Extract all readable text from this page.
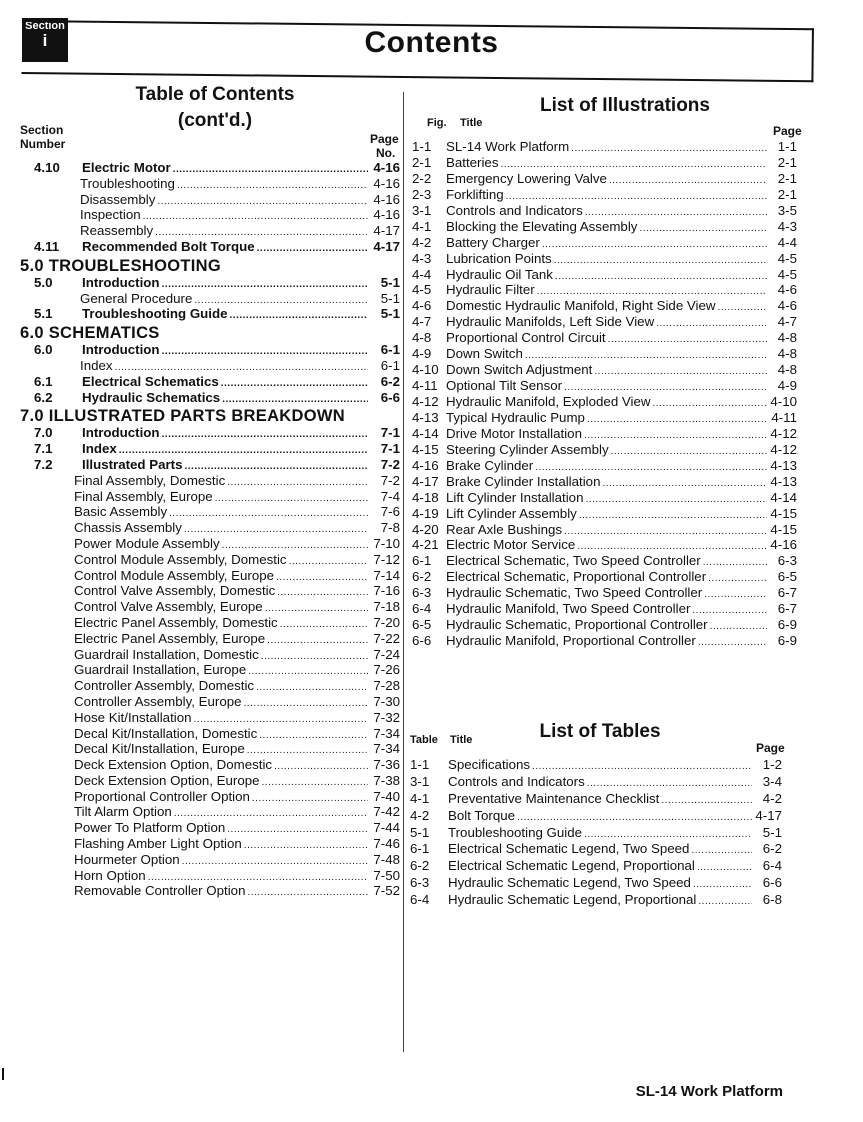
Section
i	Contents
Table of Contents
(cont'd.)
Section
Number	Page
No.
4.10	Electric Motor .....	4-16
Troubleshooting .....	4-16
Disassembly .....	4-16
Inspection .....	4-16
Reassembly .....	4-17
4.11	Recommended Bolt Torque .....	4-17
5.0 TROUBLESHOOTING
5.0	Introduction .....	5-1
General Procedure .....	5-1
5.1	Troubleshooting Guide .....	5-1
6.0 SCHEMATICS
6.0	Introduction .....	6-1
Index .....	6-1
6.1	Electrical Schematics .....	6-2
6.2	Hydraulic Schematics .....	6-6
7.0 ILLUSTRATED PARTS BREAKDOWN
7.0	Introduction .....	7-1
7.1	Index .....	7-1
7.2	Illustrated Parts .....	7-2
Final Assembly, Domestic .....	7-2
Final Assembly, Europe .....	7-4
Basic Assembly .....	7-6
Chassis Assembly .....	7-8
Power Module Assembly .....	7-10
Control Module Assembly, Domestic .....	7-12
Control Module Assembly, Europe .....	7-14
Control Valve Assembly, Domestic .....	7-16
Control Valve Assembly, Europe .....	7-18
Electric Panel Assembly, Domestic .....	7-20
Electric Panel Assembly, Europe .....	7-22
Guardrail Installation, Domestic .....	7-24
Guardrail Installation, Europe .....	7-26
Controller Assembly, Domestic .....	7-28
Controller Assembly, Europe .....	7-30
Hose Kit/Installation .....	7-32
Decal Kit/Installation, Domestic .....	7-34
Decal Kit/Installation, Europe .....	7-34
Deck Extension Option, Domestic .....	7-36
Deck Extension Option, Europe .....	7-38
Proportional Controller Option .....	7-40
Tilt Alarm Option .....	7-42
Power To Platform Option .....	7-44
Flashing Amber Light Option .....	7-46
Hourmeter Option .....	7-48
Horn Option .....	7-50
Removable Controller Option .....	7-52
List of Illustrations
Fig. Title
Page
1-1	SL-14 Work Platform .....	1-1
2-1	Batteries .....	2-1
2-2	Emergency Lowering Valve .....	2-1
2-3	Forklifting .....	2-1
3-1	Controls and Indicators .....	3-5
4-1	Blocking the Elevating Assembly .....	4-3
4-2	Battery Charger .....	4-4
4-3	Lubrication Points .....	4-5
4-4	Hydraulic Oil Tank .....	4-5
4-5	Hydraulic Filter .....	4-6
4-6	Domestic Hydraulic Manifold, Right Side View .....	4-6
4-7	Hydraulic Manifolds, Left Side View .....	4-7
4-8	Proportional Control Circuit .....	4-8
4-9	Down Switch .....	4-8
4-10 Down Switch Adjustment .....	4-8
4-11 Optional Tilt Sensor .....	4-9
4-12 Hydraulic Manifold, Exploded View .....	4-10
4-13 Typical Hydraulic Pump .....	4-11
4-14 Drive Motor Installation .....	4-12
4-15 Steering Cylinder Assembly .....	4-12
4-16 Brake Cylinder .....	4-13
4-17 Brake Cylinder Installation .....	4-13
4-18 Lift Cylinder Installation .....	4-14
4-19 Lift Cylinder Assembly .....	4-15
4-20 Rear Axle Bushings .....	4-15
4-21 Electric Motor Service .....	4-16
6-1	Electrical Schematic, Two Speed Controller .....	6-3
6-2	Electrical Schematic, Proportional Controller .....	6-5
6-3	Hydraulic Schematic, Two Speed Controller .....	6-7
6-4	Hydraulic Manifold, Two Speed Controller .....	6-7
6-5	Hydraulic Schematic, Proportional Controller .....	6-9
6-6	Hydraulic Manifold, Proportional Controller .....	6-9
List of Tables
Table Title
Page
1-1	Specifications .....	1-2
3-1	Controls and Indicators .....	3-4
4-1	Preventative Maintenance Checklist .....	4-2
4-2	Bolt Torque .....	4-17
5-1	Troubleshooting Guide .....	5-1
6-1	Electrical Schematic Legend, Two Speed .....	6-2
6-2	Electrical Schematic Legend, Proportional .....	6-4
6-3	Hydraulic Schematic Legend, Two Speed .....	6-6
6-4	Hydraulic Schematic Legend, Proportional .....	6-8
SL-14 Work Platform
